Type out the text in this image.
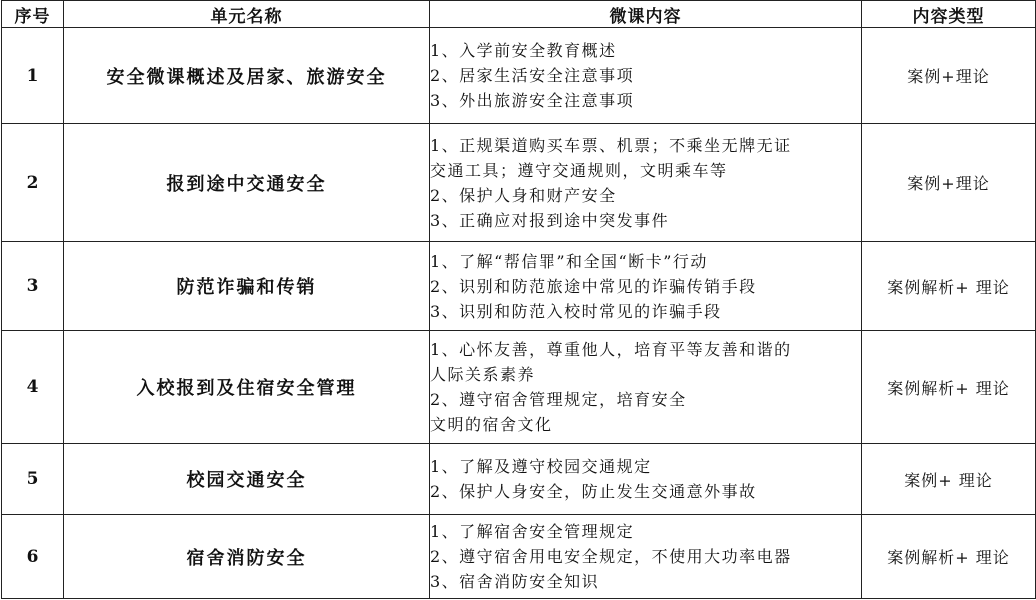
序号	单元名称	微课内容	内容类型
1	安全微课概述及居家、旅游安全	1、入学前安全教育概述
2、居家生活安全注意事项
3、外出旅游安全注意事项	案例+理论
2	报到途中交通安全	1、正规渠道购买车票、机票；不乘坐无牌无证
交通工具；遵守交通规则，文明乘车等
2、保护人身和财产安全
3、正确应对报到途中突发事件	案例+理论
3	防范诈骗和传销	1、了解“帮信罪”和全国“断卡”行动
2、识别和防范旅途中常见的诈骗传销手段
3、识别和防范入校时常见的诈骗手段	案例解析+ 理论
4	入校报到及住宿安全管理	1、心怀友善，尊重他人，培育平等友善和谐的
人际关系素养
2、遵守宿舍管理规定，培育安全
文明的宿舍文化	案例解析+ 理论
5	校园交通安全	1、了解及遵守校园交通规定
2、保护人身安全，防止发生交通意外事故	案例+ 理论
6	宿舍消防安全	1、了解宿舍安全管理规定
2、遵守宿舍用电安全规定，不使用大功率电器
3、宿舍消防安全知识	案例解析+ 理论
